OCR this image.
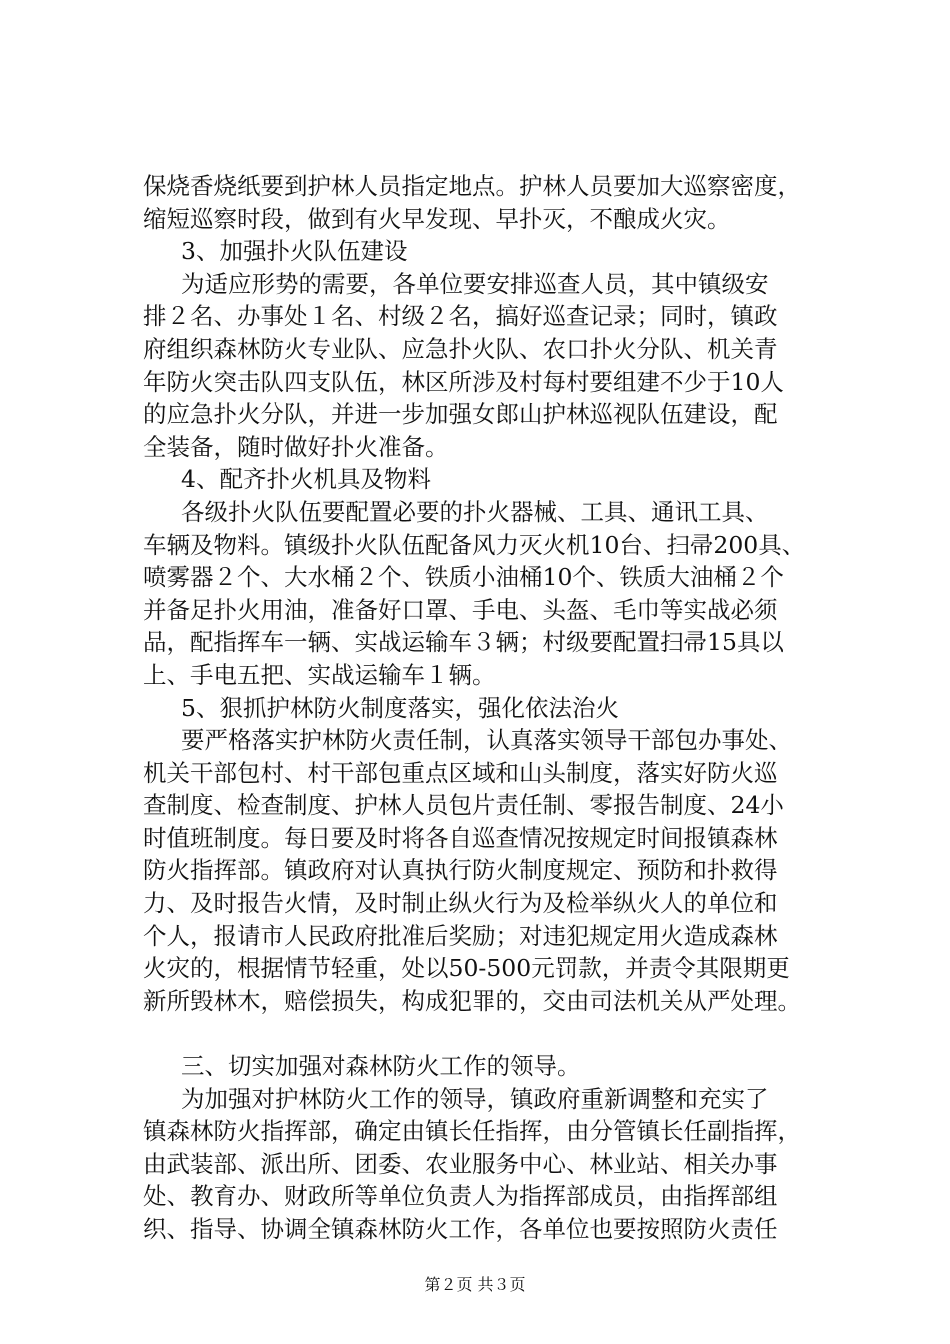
保烧香烧纸要到护林人员指定地点。护林人员要加大巡察密度，
缩短巡察时段，做到有火早发现、早扑灭，不酿成火灾。
3、加强扑火队伍建设
为适应形势的需要，各单位要安排巡查人员，其中镇级安
排２名、办事处１名、村级２名，搞好巡查记录；同时，镇政
府组织森林防火专业队、应急扑火队、农口扑火分队、机关青
年防火突击队四支队伍，林区所涉及村每村要组建不少于10人
的应急扑火分队，并进一步加强女郎山护林巡视队伍建设，配
全装备，随时做好扑火准备。
4、配齐扑火机具及物料
各级扑火队伍要配置必要的扑火器械、工具、通讯工具、
车辆及物料。镇级扑火队伍配备风力灭火机10台、扫帚200具、
喷雾器２个、大水桶２个、铁质小油桶10个、铁质大油桶２个
并备足扑火用油，准备好口罩、手电、头盔、毛巾等实战必须
品，配指挥车一辆、实战运输车３辆；村级要配置扫帚15具以
上、手电五把、实战运输车１辆。
5、狠抓护林防火制度落实，强化依法治火
要严格落实护林防火责任制，认真落实领导干部包办事处、
机关干部包村、村干部包重点区域和山头制度，落实好防火巡
查制度、检查制度、护林人员包片责任制、零报告制度、24小
时值班制度。每日要及时将各自巡查情况按规定时间报镇森林
防火指挥部。镇政府对认真执行防火制度规定、预防和扑救得
力、及时报告火情，及时制止纵火行为及检举纵火人的单位和
个人，报请市人民政府批准后奖励；对违犯规定用火造成森林
火灾的，根据情节轻重，处以50-500元罚款，并责令其限期更
新所毁林木，赔偿损失，构成犯罪的，交由司法机关从严处理。
三、切实加强对森林防火工作的领导。
为加强对护林防火工作的领导，镇政府重新调整和充实了
镇森林防火指挥部，确定由镇长任指挥，由分管镇长任副指挥，
由武装部、派出所、团委、农业服务中心、林业站、相关办事
处、教育办、财政所等单位负责人为指挥部成员，由指挥部组
织、指导、协调全镇森林防火工作，各单位也要按照防火责任
第２页 共３页
